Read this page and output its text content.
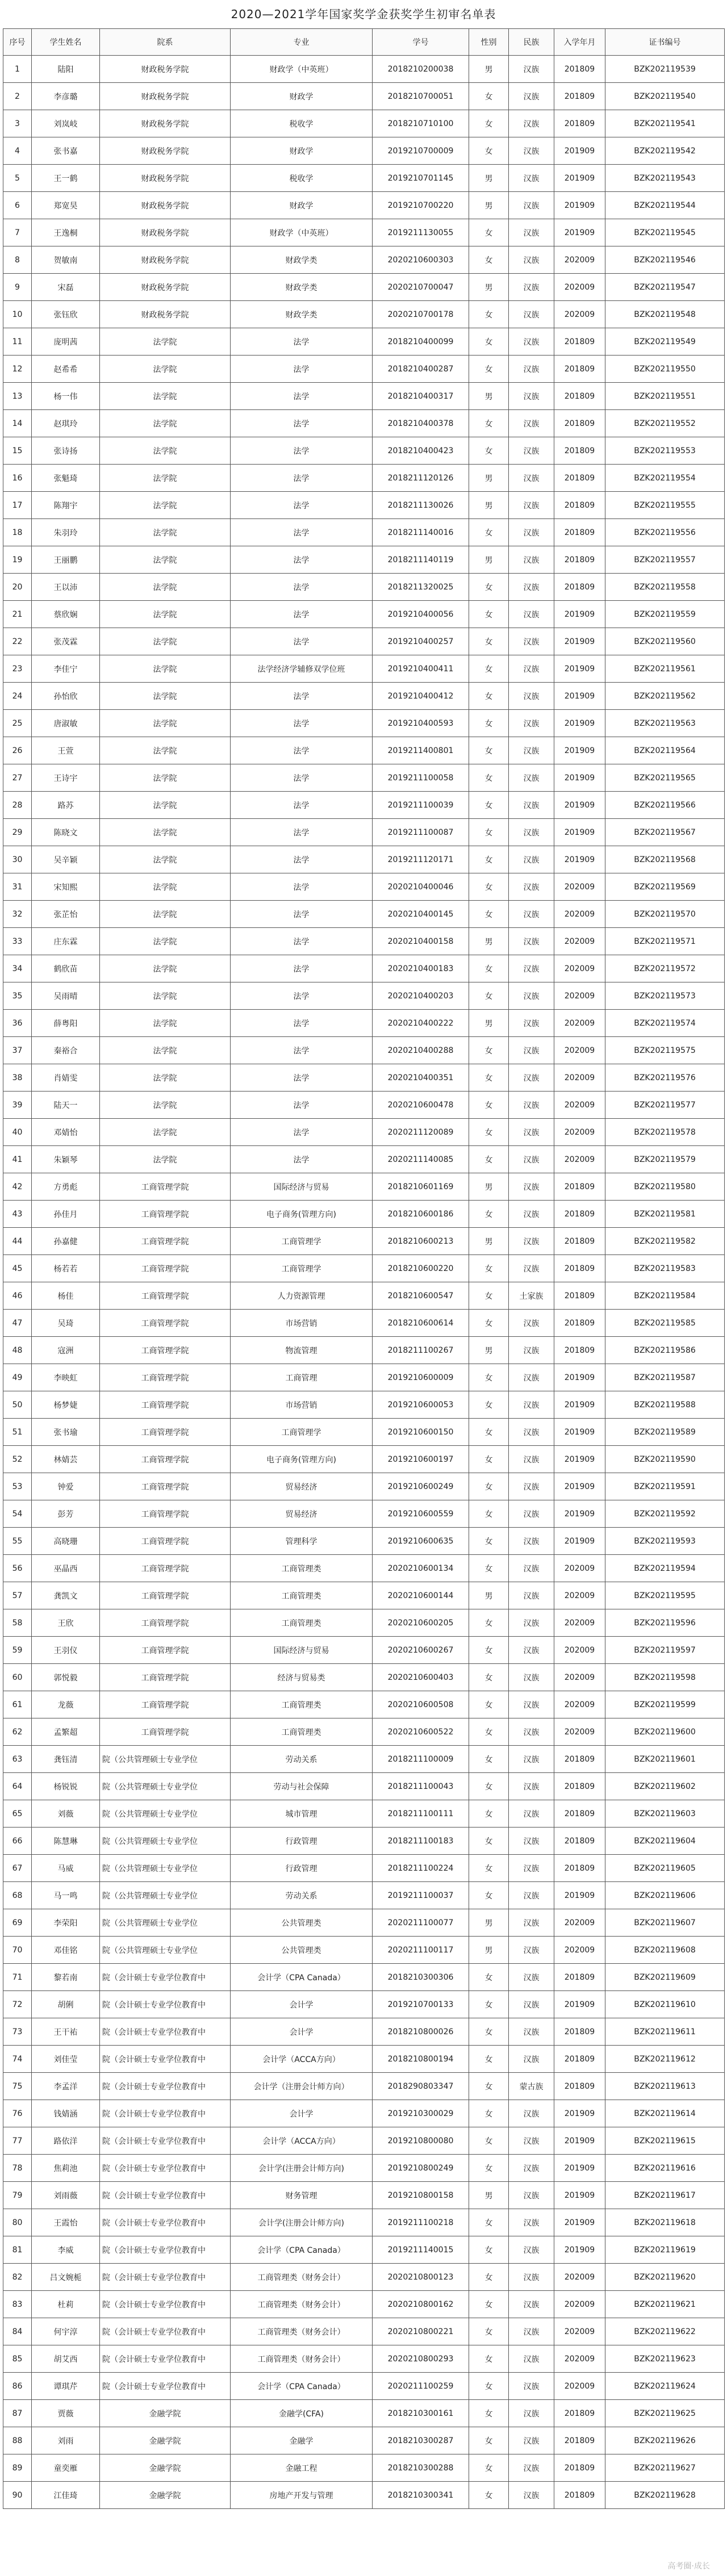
2020—2021学年国家奖学金获奖学生初审名单表
序号	学生姓名	院系	专业	学号	性别	民族	入学年月	证书编号
1	陆阳	财政税务学院	财政学（中英班）	2018210200038	男	汉族	201809	BZK202119539
2	李彦璐	财政税务学院	财政学	2018210700051	女	汉族	201809	BZK202119540
3	刘岚岐	财政税务学院	税收学	2018210710100	女	汉族	201809	BZK202119541
4	张书嘉	财政税务学院	财政学	2019210700009	女	汉族	201909	BZK202119542
5	王一鹤	财政税务学院	税收学	2019210701145	男	汉族	201909	BZK202119543
6	郑宽昊	财政税务学院	财政学	2019210700220	男	汉族	201909	BZK202119544
7	王逸桐	财政税务学院	财政学（中英班）	2019211130055	女	汉族	201909	BZK202119545
8	贺敏南	财政税务学院	财政学类	2020210600303	女	汉族	202009	BZK202119546
9	宋磊	财政税务学院	财政学类	2020210700047	男	汉族	202009	BZK202119547
10	张钰欣	财政税务学院	财政学类	2020210700178	女	汉族	202009	BZK202119548
11	庞明茜	法学院	法学	2018210400099	女	汉族	201809	BZK202119549
12	赵希希	法学院	法学	2018210400287	女	汉族	201809	BZK202119550
13	杨一伟	法学院	法学	2018210400317	男	汉族	201809	BZK202119551
14	赵琪玲	法学院	法学	2018210400378	女	汉族	201809	BZK202119552
15	张诗扬	法学院	法学	2018210400423	女	汉族	201809	BZK202119553
16	张魁琦	法学院	法学	2018211120126	男	汉族	201809	BZK202119554
17	陈翔宇	法学院	法学	2018211130026	男	汉族	201809	BZK202119555
18	朱羽玲	法学院	法学	2018211140016	女	汉族	201809	BZK202119556
19	王丽鹏	法学院	法学	2018211140119	男	汉族	201809	BZK202119557
20	王以沛	法学院	法学	2018211320025	女	汉族	201809	BZK202119558
21	蔡欣娴	法学院	法学	2019210400056	女	汉族	201909	BZK202119559
22	张茂霖	法学院	法学	2019210400257	女	汉族	201909	BZK202119560
23	李佳宁	法学院	法学经济学辅修双学位班	2019210400411	女	汉族	201909	BZK202119561
24	孙怡欣	法学院	法学	2019210400412	女	汉族	201909	BZK202119562
25	唐淑敏	法学院	法学	2019210400593	女	汉族	201909	BZK202119563
26	王萱	法学院	法学	2019211400801	女	汉族	201909	BZK202119564
27	王诗宇	法学院	法学	2019211100058	女	汉族	201909	BZK202119565
28	路苏	法学院	法学	2019211100039	女	汉族	201909	BZK202119566
29	陈晓文	法学院	法学	2019211100087	女	汉族	201909	BZK202119567
30	吴辛颖	法学院	法学	2019211120171	女	汉族	201909	BZK202119568
31	宋知熙	法学院	法学	2020210400046	女	汉族	202009	BZK202119569
32	张芷怡	法学院	法学	2020210400145	女	汉族	202009	BZK202119570
33	庄东霖	法学院	法学	2020210400158	男	汉族	202009	BZK202119571
34	鹤欣苗	法学院	法学	2020210400183	女	汉族	202009	BZK202119572
35	吴雨晴	法学院	法学	2020210400203	女	汉族	202009	BZK202119573
36	薛粤阳	法学院	法学	2020210400222	男	汉族	202009	BZK202119574
37	秦裕合	法学院	法学	2020210400288	女	汉族	202009	BZK202119575
38	肖婧雯	法学院	法学	2020210400351	女	汉族	202009	BZK202119576
39	陆天一	法学院	法学	2020210600478	女	汉族	202009	BZK202119577
40	邓婧怡	法学院	法学	2020211120089	女	汉族	202009	BZK202119578
41	朱颖琴	法学院	法学	2020211140085	女	汉族	202009	BZK202119579
42	方勇彪	工商管理学院	国际经济与贸易	2018210601169	男	汉族	201809	BZK202119580
43	孙佳月	工商管理学院	电子商务(管理方向)	2018210600186	女	汉族	201809	BZK202119581
44	孙嘉健	工商管理学院	工商管理学	2018210600213	男	汉族	201809	BZK202119582
45	杨若若	工商管理学院	工商管理学	2018210600220	女	汉族	201809	BZK202119583
46	杨佳	工商管理学院	人力资源管理	2018210600547	女	土家族	201809	BZK202119584
47	吴琦	工商管理学院	市场营销	2018210600614	女	汉族	201809	BZK202119585
48	寇洲	工商管理学院	物流管理	2018211100267	男	汉族	201809	BZK202119586
49	李映虹	工商管理学院	工商管理	2019210600009	女	汉族	201909	BZK202119587
50	杨梦婕	工商管理学院	市场营销	2019210600053	女	汉族	201909	BZK202119588
51	张书瑜	工商管理学院	工商管理学	2019210600150	女	汉族	201909	BZK202119589
52	林婧芸	工商管理学院	电子商务(管理方向)	2019210600197	女	汉族	201909	BZK202119590
53	钟爱	工商管理学院	贸易经济	2019210600249	女	汉族	201909	BZK202119591
54	彭芳	工商管理学院	贸易经济	2019210600559	女	汉族	201909	BZK202119592
55	高晓珊	工商管理学院	管理科学	2019210600635	女	汉族	201909	BZK202119593
56	巫晶西	工商管理学院	工商管理类	2020210600134	女	汉族	202009	BZK202119594
57	龚凯文	工商管理学院	工商管理类	2020210600144	男	汉族	202009	BZK202119595
58	王欣	工商管理学院	工商管理类	2020210600205	女	汉族	202009	BZK202119596
59	王羽仪	工商管理学院	国际经济与贸易	2020210600267	女	汉族	202009	BZK202119597
60	郭悦毅	工商管理学院	经济与贸易类	2020210600403	女	汉族	202009	BZK202119598
61	龙薇	工商管理学院	工商管理类	2020210600508	女	汉族	202009	BZK202119599
62	孟繁超	工商管理学院	工商管理类	2020210600522	女	汉族	202009	BZK202119600
63	龚钰清	院（公共管理硕士专业学位	劳动关系	2018211100009	女	汉族	201809	BZK202119601
64	杨锐锐	院（公共管理硕士专业学位	劳动与社会保障	2018211100043	女	汉族	201809	BZK202119602
65	刘薇	院（公共管理硕士专业学位	城市管理	2018211100111	女	汉族	201809	BZK202119603
66	陈慧琳	院（公共管理硕士专业学位	行政管理	2018211100183	女	汉族	201809	BZK202119604
67	马威	院（公共管理硕士专业学位	行政管理	2018211100224	女	汉族	201809	BZK202119605
68	马一鸣	院（公共管理硕士专业学位	劳动关系	2019211100037	女	汉族	201909	BZK202119606
69	李荣阳	院（公共管理硕士专业学位	公共管理类	2020211100077	男	汉族	202009	BZK202119607
70	邓佳铭	院（公共管理硕士专业学位	公共管理类	2020211100117	男	汉族	202009	BZK202119608
71	黎若南	院（会计硕士专业学位教育中	会计学（CPA Canada）	2018210300306	女	汉族	201809	BZK202119609
72	胡俐	院（会计硕士专业学位教育中	会计学	2019210700133	女	汉族	201909	BZK202119610
73	王干祐	院（会计硕士专业学位教育中	会计学	2018210800026	女	汉族	201809	BZK202119611
74	刘佳莹	院（会计硕士专业学位教育中	会计学（ACCA方向）	2018210800194	女	汉族	201809	BZK202119612
75	李孟洋	院（会计硕士专业学位教育中	会计学（注册会计师方向）	2018290803347	女	蒙古族	201809	BZK202119613
76	钱婧涵	院（会计硕士专业学位教育中	会计学	2019210300029	女	汉族	201909	BZK202119614
77	路依洋	院（会计硕士专业学位教育中	会计学（ACCA方向）	2019210800080	女	汉族	201909	BZK202119615
78	焦莉池	院（会计硕士专业学位教育中	会计学(注册会计师方向)	2019210800249	女	汉族	201909	BZK202119616
79	刘雨薇	院（会计硕士专业学位教育中	财务管理	2019210800158	男	汉族	201909	BZK202119617
80	王霞怡	院（会计硕士专业学位教育中	会计学(注册会计师方向)	2019211100218	女	汉族	201909	BZK202119618
81	李威	院（会计硕士专业学位教育中	会计学（CPA Canada）	2019211140015	女	汉族	201909	BZK202119619
82	吕文婉栀	院（会计硕士专业学位教育中	工商管理类（财务会计）	2020210800123	女	汉族	202009	BZK202119620
83	杜莉	院（会计硕士专业学位教育中	工商管理类（财务会计）	2020210800162	女	汉族	202009	BZK202119621
84	何宇淳	院（会计硕士专业学位教育中	工商管理类（财务会计）	2020210800221	女	汉族	202009	BZK202119622
85	胡艾西	院（会计硕士专业学位教育中	工商管理类（财务会计）	2020210800293	女	汉族	202009	BZK202119623
86	谭琪芹	院（会计硕士专业学位教育中	会计学（CPA Canada）	2020211100259	女	汉族	202009	BZK202119624
87	贾薇	金融学院	金融学(CFA)	2018210300161	女	汉族	201809	BZK202119625
88	刘雨	金融学院	金融学	2018210300287	女	汉族	201809	BZK202119626
89	童奕雁	金融学院	金融工程	2018210300288	女	汉族	201809	BZK202119627
90	江佳琦	金融学院	房地产开发与管理	2018210300341	女	汉族	201809	BZK202119628
高考圈·成长
